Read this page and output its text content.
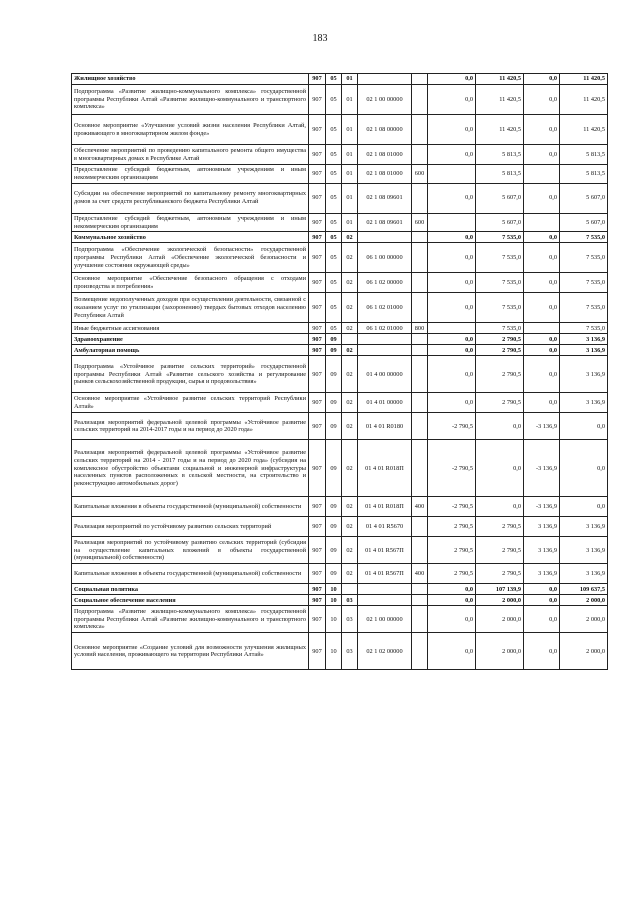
183
Жилищное хозяйство	907	05	01			0,0	11 420,5	0,0	11 420,5
Подпрограмма «Развитие жилищно-коммунального комплекса» государственной программы Республики Алтай «Развитие жилищно-коммунального и транспортного комплекса»	907	05	01	02 1 00 00000		0,0	11 420,5	0,0	11 420,5
Основное мероприятие «Улучшение условий жизни населения Республики Алтай, проживающего в многоквартирном жилом фонде»	907	05	01	02 1 08 00000		0,0	11 420,5	0,0	11 420,5
Обеспечение мероприятий по проведению капитального ремонта общего имущества в многоквартирных домах в Республике Алтай	907	05	01	02 1 08 01000		0,0	5 813,5	0,0	5 813,5
Предоставление субсидий бюджетным, автономным учреждениям и иным некоммерческим организациям	907	05	01	02 1 08 01000	600		5 813,5		5 813,5
Субсидии на обеспечение мероприятий по капитальному ремонту многоквартирных домов за счет средств республиканского бюджета Республики Алтай	907	05	01	02 1 08 09601		0,0	5 607,0	0,0	5 607,0
Предоставление субсидий бюджетным, автономным учреждениям и иным некоммерческим организациям	907	05	01	02 1 08 09601	600		5 607,0		5 607,0
Коммунальное хозяйство	907	05	02			0,0	7 535,0	0,0	7 535,0
Подпрограмма «Обеспечение экологической безопасности» государственной программы Республики Алтай «Обеспечение экологической безопасности и улучшение состояния окружающей среды»	907	05	02	06 1 00 00000		0,0	7 535,0	0,0	7 535,0
Основное мероприятие «Обеспечение безопасного обращения с отходами производства и потребления»	907	05	02	06 1 02 00000		0,0	7 535,0	0,0	7 535,0
Возмещение недополученных доходов при осуществлении деятельности, связанной с оказанием услуг по утилизации (захоронению) твердых бытовых отходов населению Республики Алтай	907	05	02	06 1 02 01000		0,0	7 535,0	0,0	7 535,0
Иные бюджетные ассигнования	907	05	02	06 1 02 01000	800		7 535,0		7 535,0
Здравоохранение	907	09				0,0	2 790,5	0,0	3 136,9
Амбулаторная помощь	907	09	02			0,0	2 790,5	0,0	3 136,9
Подпрограмма «Устойчивое развитие сельских территорий» государственной программы Республики Алтай «Развитие сельского хозяйства и регулирование рынков сельскохозяйственной продукции, сырья и продовольствия»	907	09	02	01 4 00 00000		0,0	2 790,5	0,0	3 136,9
Основное мероприятие «Устойчивое развитие сельских территорий Республики Алтай»	907	09	02	01 4 01 00000		0,0	2 790,5	0,0	3 136,9
Реализация мероприятий федеральной целевой программы «Устойчивое развитие сельских территорий на 2014-2017 годы и на период до 2020 года»	907	09	02	01 4 01 R0180		-2 790,5	0,0	-3 136,9	0,0
Реализация мероприятий федеральной целевой программы «Устойчивое развитие сельских территорий на 2014 - 2017 годы и на период до 2020 года» (субсидия на комплексное обустройство объектами социальной и инженерной инфраструктуры населенных пунктов расположенных в сельской местности, на строительство и реконструкцию автомобильных дорог)	907	09	02	01 4 01 R018П		-2 790,5	0,0	-3 136,9	0,0
Капитальные вложения в объекты государственной (муниципальной) собственности	907	09	02	01 4 01 R018П	400	-2 790,5	0,0	-3 136,9	0,0
Реализация мероприятий по устойчивому развитию сельских территорий	907	09	02	01 4 01 R5670		2 790,5	2 790,5	3 136,9	3 136,9
Реализация мероприятий по устойчивому развитию сельских территорий (субсидия на осуществление капитальных вложений в объекты государственной (муниципальной) собственности)	907	09	02	01 4 01 R567П		2 790,5	2 790,5	3 136,9	3 136,9
Капитальные вложения в объекты государственной (муниципальной) собственности	907	09	02	01 4 01 R567П	400	2 790,5	2 790,5	3 136,9	3 136,9
Социальная политика	907	10				0,0	107 139,9	0,0	109 637,5
Социальное обеспечение населения	907	10	03			0,0	2 000,0	0,0	2 000,0
Подпрограмма «Развитие жилищно-коммунального комплекса» государственной программы Республики Алтай «Развитие жилищно-коммунального и транспортного комплекса»	907	10	03	02 1 00 00000		0,0	2 000,0	0,0	2 000,0
Основное мероприятие «Создание условий для возможности улучшения жилищных условий населения, проживающего на территории Республики Алтай»	907	10	03	02 1 02 00000		0,0	2 000,0	0,0	2 000,0
